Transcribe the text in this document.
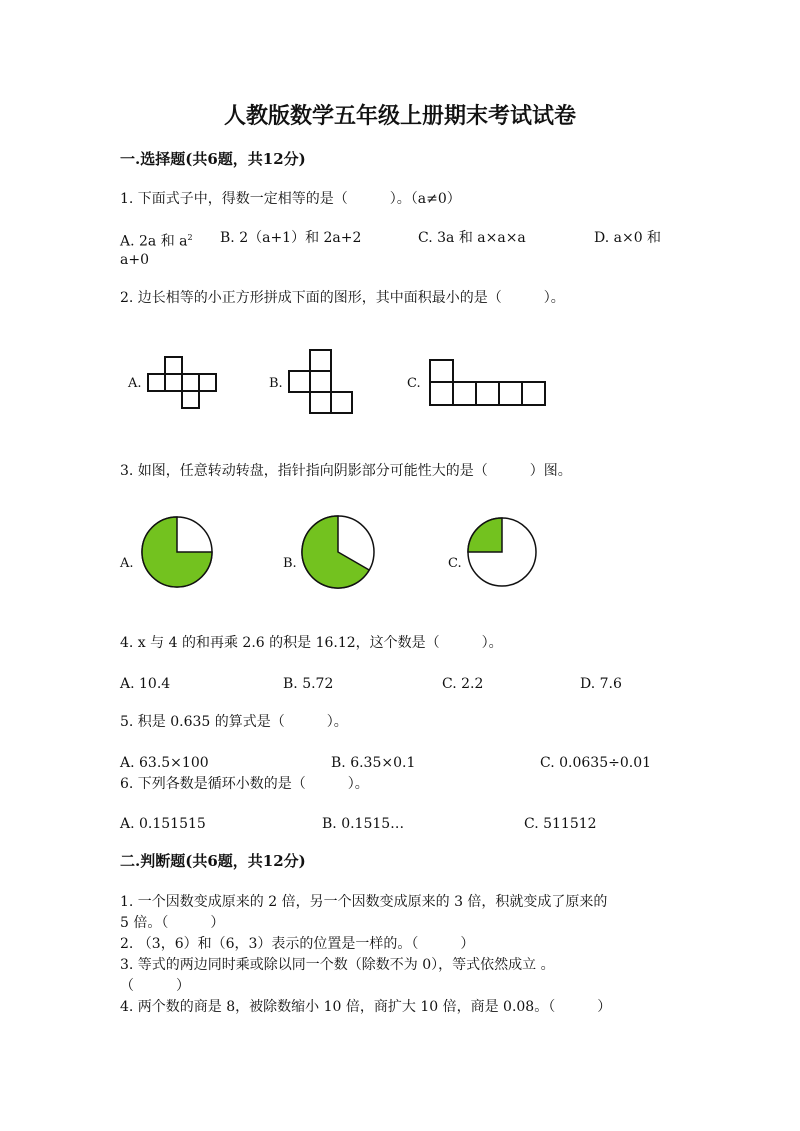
人教版数学五年级上册期末考试试卷
一.选择题(共6题，共12分)
1. 下面式子中，得数一定相等的是（　　　）。（a≠0）
A. 2a 和 $a^2$ B. 2（a+1）和 2a+2	C. 3a 和 a×a×a	D. a×0 和
a+0
2. 边长相等的小正方形拼成下面的图形，其中面积最小的是（　　　）。
A.	B.	C.
3. 如图，任意转动转盘，指针指向阴影部分可能性大的是（　　　）图。
A.	B.	C.
4. x 与 4 的和再乘 2.6 的积是 16.12，这个数是（　　　）。
A. 10.4	B. 5.72	C. 2.2	D. 7.6
5. 积是 0.635 的算式是（　　　）。
A. 63.5×100	B. 6.35×0.1	C. 0.0635÷0.01
6. 下列各数是循环小数的是（　　　）。
A. 0.151515	B. 0.1515…	C. 511512
二.判断题(共6题，共12分)
1. 一个因数变成原来的 2 倍，另一个因数变成原来的 3 倍，积就变成了原来的
5 倍。（　　　）
2. （3，6）和（6，3）表示的位置是一样的。（　　　）
3. 等式的两边同时乘或除以同一个数（除数不为 0），等式依然成立 。
（　　　）
4. 两个数的商是 8，被除数缩小 10 倍，商扩大 10 倍，商是 0.08。（　　　）
